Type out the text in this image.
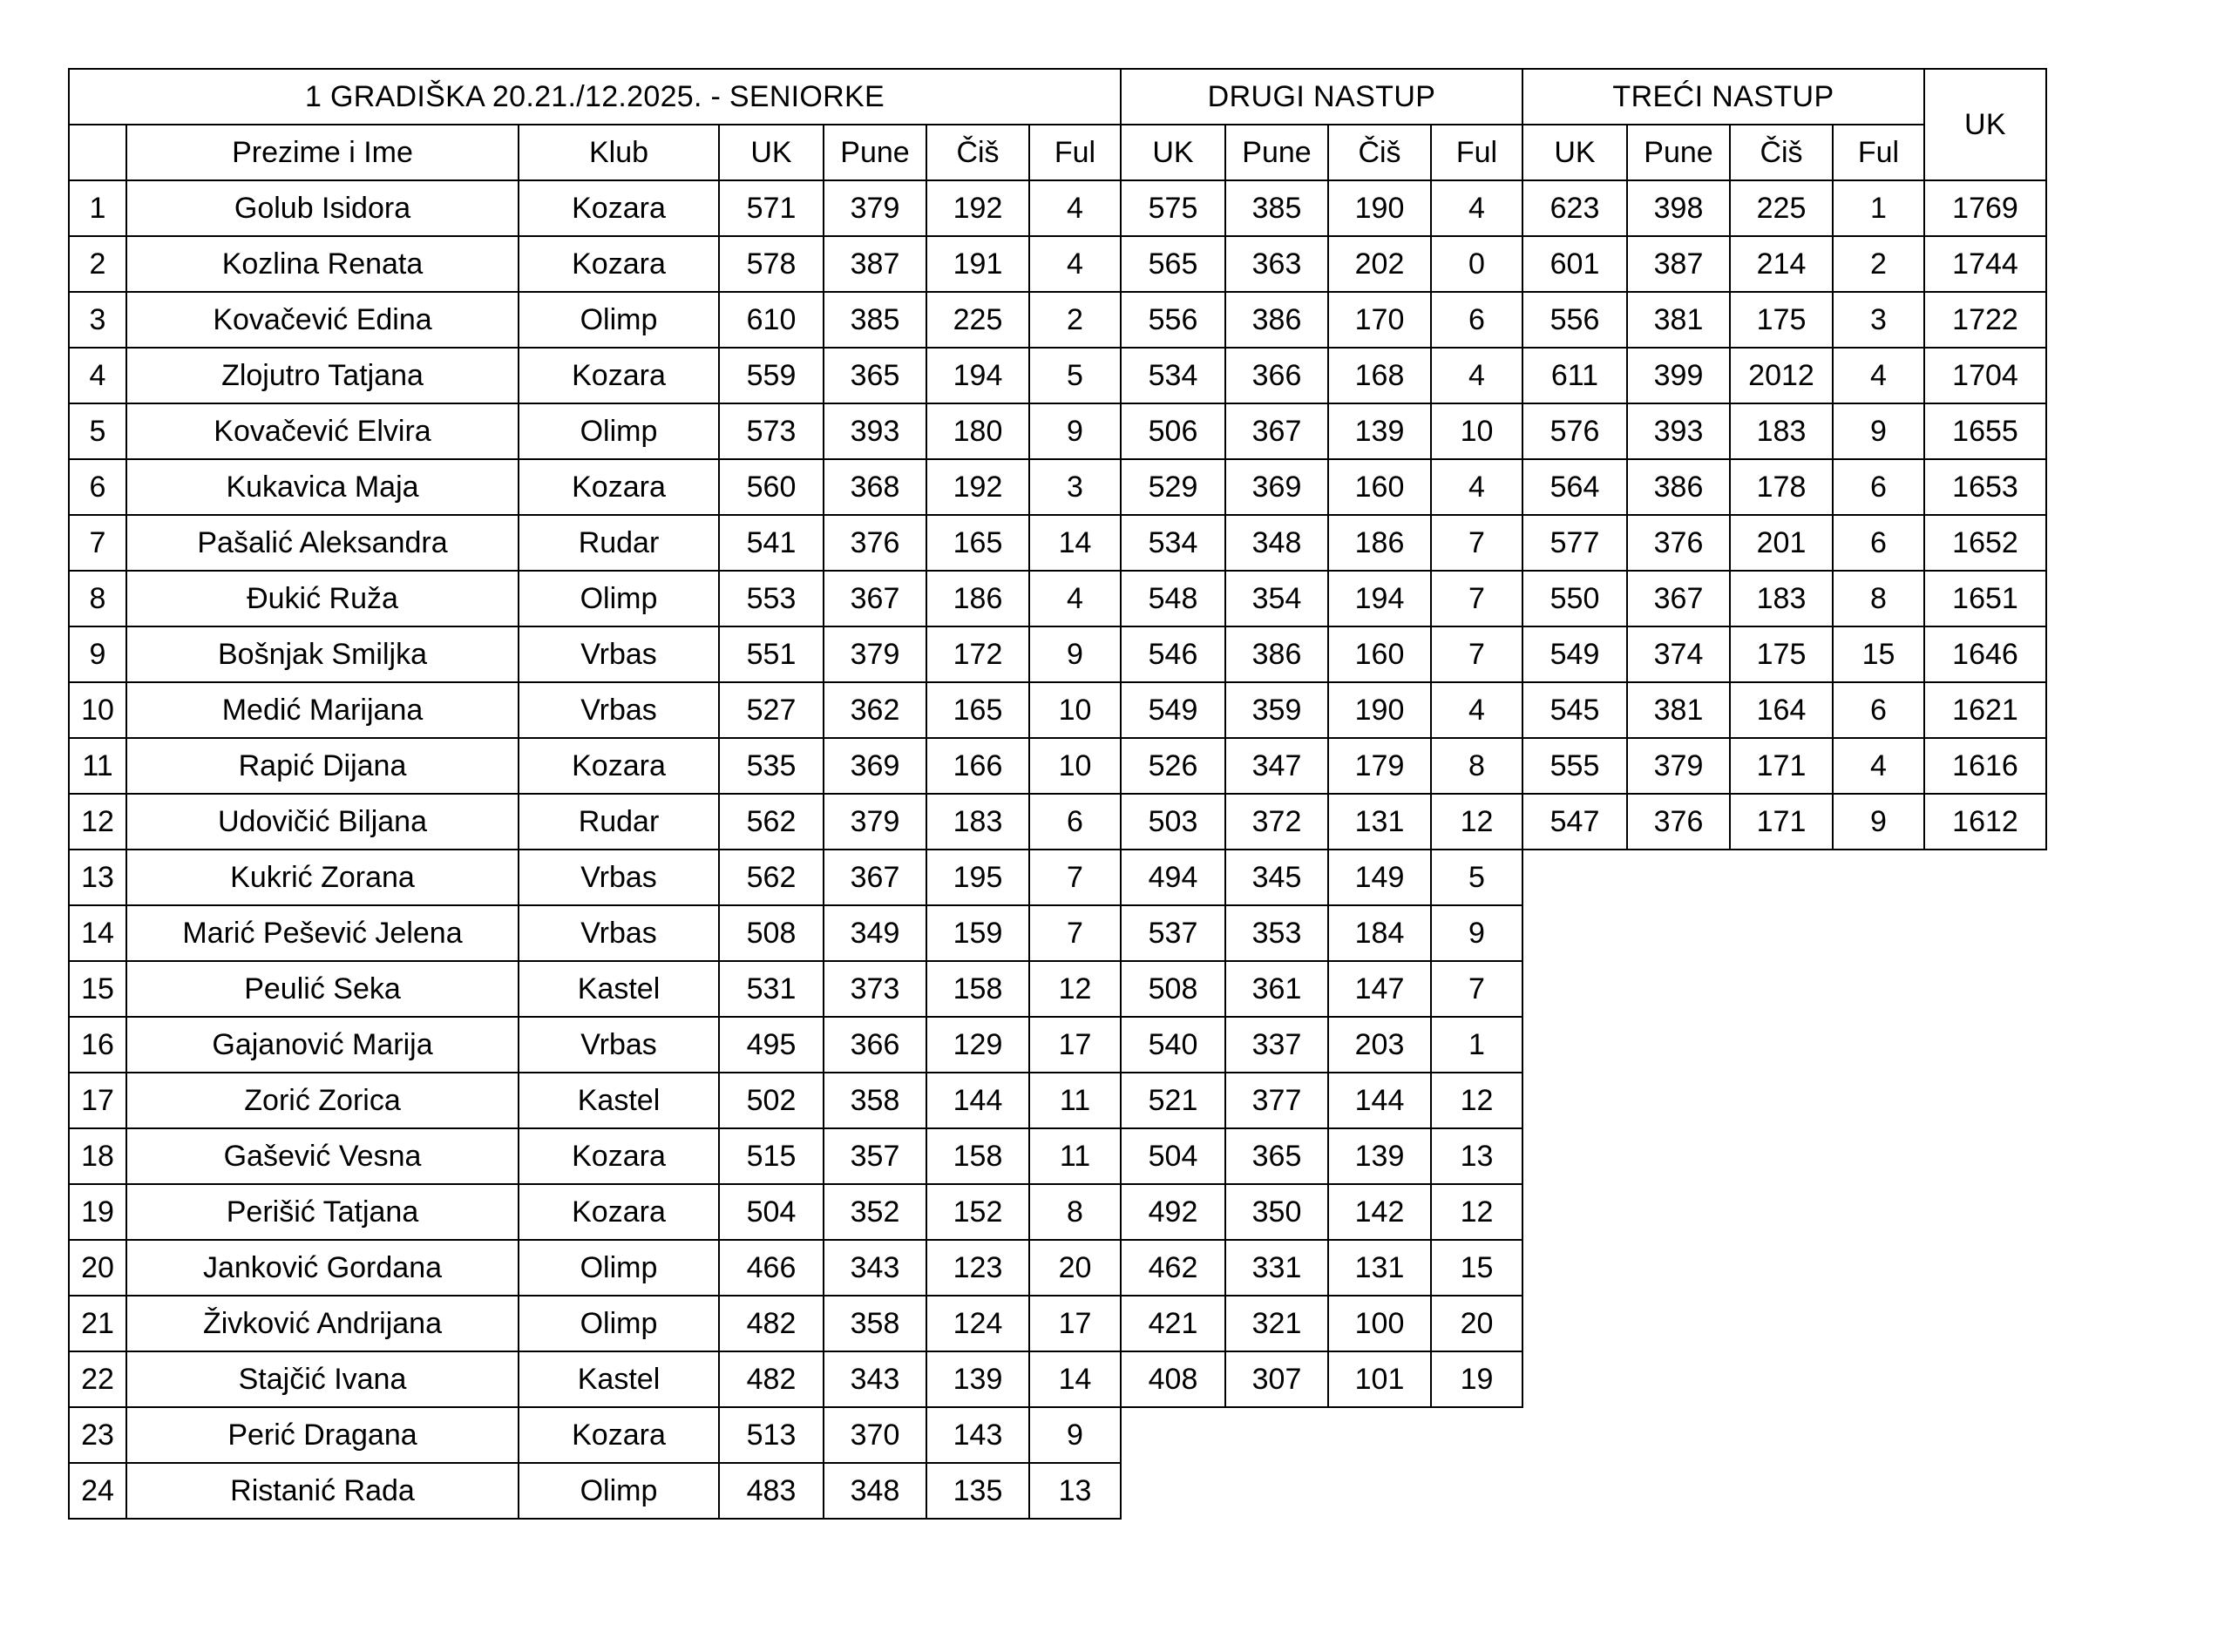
1 GRADIŠKA 20.21./12.2025. - SENIORKE							DRUGI NASTUP				TREĆI NASTUP				UK
	Prezime i Ime	Klub	UK	Pune	Čiš	Ful	UK	Pune	Čiš	Ful	UK	Pune	Čiš	Ful	
1	Golub Isidora	Kozara	571	379	192	4	575	385	190	4	623	398	225	1	1769
2	Kozlina Renata	Kozara	578	387	191	4	565	363	202	0	601	387	214	2	1744
3	Kovačević Edina	Olimp	610	385	225	2	556	386	170	6	556	381	175	3	1722
4	Zlojutro Tatjana	Kozara	559	365	194	5	534	366	168	4	611	399	2012	4	1704
5	Kovačević Elvira	Olimp	573	393	180	9	506	367	139	10	576	393	183	9	1655
6	Kukavica Maja	Kozara	560	368	192	3	529	369	160	4	564	386	178	6	1653
7	Pašalić Aleksandra	Rudar	541	376	165	14	534	348	186	7	577	376	201	6	1652
8	Ðukić Ruža	Olimp	553	367	186	4	548	354	194	7	550	367	183	8	1651
9	Bošnjak Smiljka	Vrbas	551	379	172	9	546	386	160	7	549	374	175	15	1646
10	Medić Marijana	Vrbas	527	362	165	10	549	359	190	4	545	381	164	6	1621
11	Rapić Dijana	Kozara	535	369	166	10	526	347	179	8	555	379	171	4	1616
12	Udovičić Biljana	Rudar	562	379	183	6	503	372	131	12	547	376	171	9	1612
13	Kukrić Zorana	Vrbas	562	367	195	7	494	345	149	5					
14	Marić Pešević Jelena	Vrbas	508	349	159	7	537	353	184	9					
15	Peulić Seka	Kastel	531	373	158	12	508	361	147	7					
16	Gajanović Marija	Vrbas	495	366	129	17	540	337	203	1					
17	Zorić Zorica	Kastel	502	358	144	11	521	377	144	12					
18	Gašević Vesna	Kozara	515	357	158	11	504	365	139	13					
19	Perišić Tatjana	Kozara	504	352	152	8	492	350	142	12					
20	Janković Gordana	Olimp	466	343	123	20	462	331	131	15					
21	Živković Andrijana	Olimp	482	358	124	17	421	321	100	20					
22	Stajčić Ivana	Kastel	482	343	139	14	408	307	101	19					
23	Perić Dragana	Kozara	513	370	143	9									
24	Ristanić Rada	Olimp	483	348	135	13									
